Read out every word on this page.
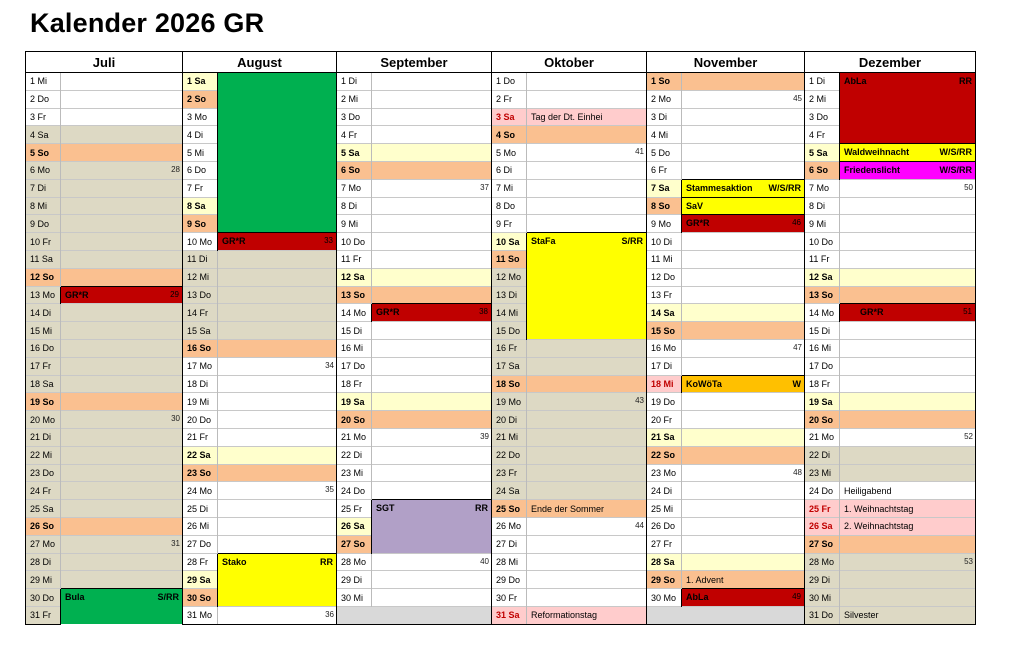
Kalender 2026 GR
Juli		August		September		Oktober		November		Dezember	
1 Mi		1 Sa		1 Di		1 Do		1 So		1 Di	AbLa RR

2 Do		2 So		2 Mi		2 Fr		2 Mo	45	2 Mi	
3 Fr		3 Mo		3 Do		3 Sa	Tag der Dt. Einhei	3 Di		3 Do	
4 Sa		4 Di		4 Fr		4 So		4 Mi		4 Fr	
5 So		5 Mi		5 Sa		5 Mo	41	5 Do		5 Sa	Waldweihnacht W/S/RR

6 Mo	28	6 Do		6 So		6 Di		6 Fr		6 So	Friedenslicht W/S/RR

7 Di		7 Fr		7 Mo	37	7 Mi		7 Sa	Stammesaktion W/S/RR	7 Mo	50

8 Mi		8 Sa		8 Di		8 Do		8 So	SaV	8 Di	
9 Do		9 So		9 Mi		9 Fr		9 Mo	GR*R 46	9 Mi	
10 Fr		10 Mo	GR*R 33	10 Do		10 Sa	StaFa S/RR	10 Di		10 Do	
11 Sa		11 Di		11 Fr		11 So		11 Mi		11 Fr	
12 So		12 Mi		12 Sa		12 Mo		12 Do		12 Sa	
13 Mo	GR*R 29	13 Do		13 So		13 Di		13 Fr		13 So	
14 Di		14 Fr		14 Mo	GR*R 38	14 Mi		14 Sa		14 Mo	GR*R 51

15 Mi		15 Sa		15 Di		15 Do		15 So		15 Di	
16 Do		16 So		16 Mi		16 Fr		16 Mo	47	16 Mi	
17 Fr		17 Mo	34	17 Do		17 Sa		17 Di		17 Do	
18 Sa		18 Di		18 Fr		18 So		18 Mi	KoWöTa W	18 Fr	
19 So		19 Mi		19 Sa		19 Mo	43	19 Do		19 Sa	
20 Mo	30	20 Do		20 So		20 Di		20 Fr		20 So	
21 Di		21 Fr		21 Mo	39	21 Mi		21 Sa		21 Mo	52

22 Mi		22 Sa		22 Di		22 Do		22 So		22 Di	
23 Do		23 So		23 Mi		23 Fr		23 Mo	48	23 Mi	
24 Fr		24 Mo	35	24 Do		24 Sa		24 Di		24 Do	Heiligabend
25 Sa		25 Di		25 Fr	SGT RR	25 So	Ende der Sommer	25 Mi		25 Fr	1. Weihnachtstag
26 So		26 Mi		26 Sa		26 Mo	44	26 Do		26 Sa	2. Weihnachtstag
27 Mo	31	27 Do		27 So		27 Di		27 Fr		27 So	
28 Di		28 Fr	Stako RR	28 Mo	40	28 Mi		28 Sa		28 Mo	53

29 Mi		29 Sa		29 Di		29 Do		29 So	1. Advent	29 Di	
30 Do	Bula S/RR	30 So		30 Mi		30 Fr		30 Mo	AbLa 49	30 Mi	
31 Fr		31 Mo	36			31 Sa	Reformationstag			31 Do	Silvester
